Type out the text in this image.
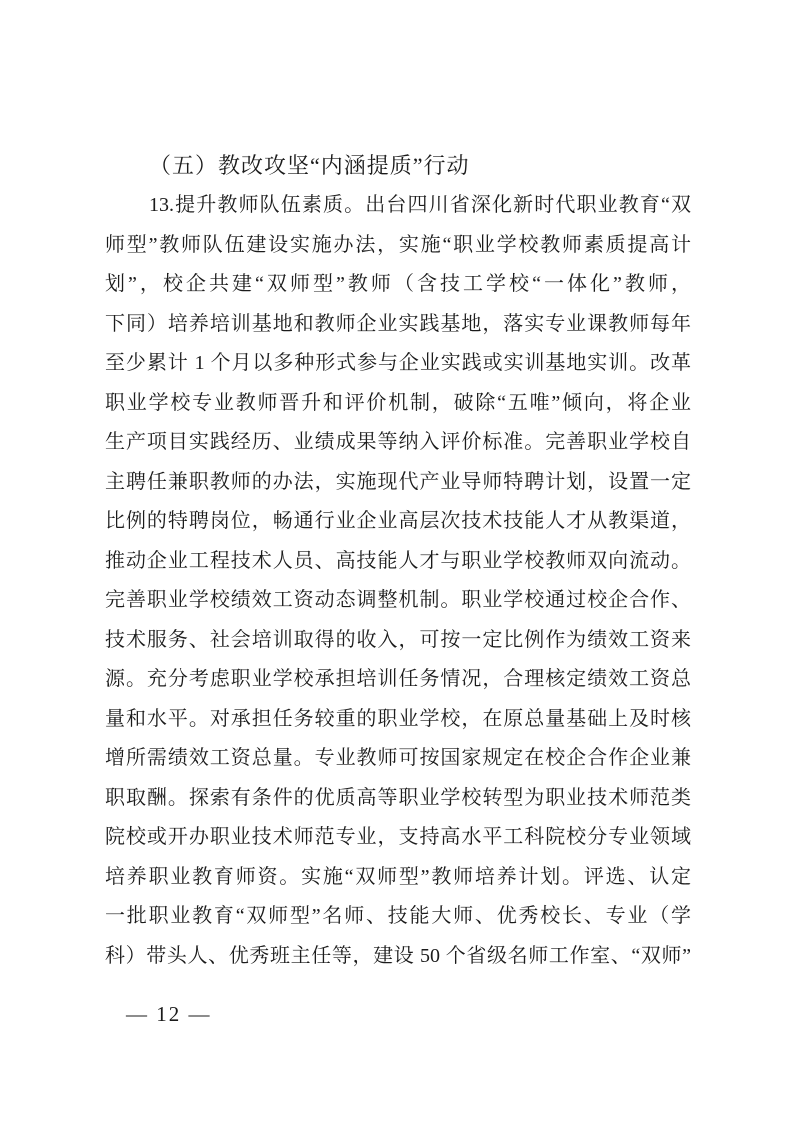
（五）教改攻坚“内涵提质”行动
13.提升教师队伍素质。出台四川省深化新时代职业教育“双
师型”教师队伍建设实施办法，实施“职业学校教师素质提高计
划”，校企共建“双师型”教师（含技工学校“一体化”教师，
下同）培养培训基地和教师企业实践基地，落实专业课教师每年
至少累计 1 个月以多种形式参与企业实践或实训基地实训。改革
职业学校专业教师晋升和评价机制，破除“五唯”倾向，将企业
生产项目实践经历、业绩成果等纳入评价标准。完善职业学校自
主聘任兼职教师的办法，实施现代产业导师特聘计划，设置一定
比例的特聘岗位，畅通行业企业高层次技术技能人才从教渠道，
推动企业工程技术人员、高技能人才与职业学校教师双向流动。
完善职业学校绩效工资动态调整机制。职业学校通过校企合作、
技术服务、社会培训取得的收入，可按一定比例作为绩效工资来
源。充分考虑职业学校承担培训任务情况，合理核定绩效工资总
量和水平。对承担任务较重的职业学校，在原总量基础上及时核
增所需绩效工资总量。专业教师可按国家规定在校企合作企业兼
职取酬。探索有条件的优质高等职业学校转型为职业技术师范类
院校或开办职业技术师范专业，支持高水平工科院校分专业领域
培养职业教育师资。实施“双师型”教师培养计划。评选、认定
一批职业教育“双师型”名师、技能大师、优秀校长、专业（学
科）带头人、优秀班主任等，建设 50 个省级名师工作室、“双师”
— 12 —
